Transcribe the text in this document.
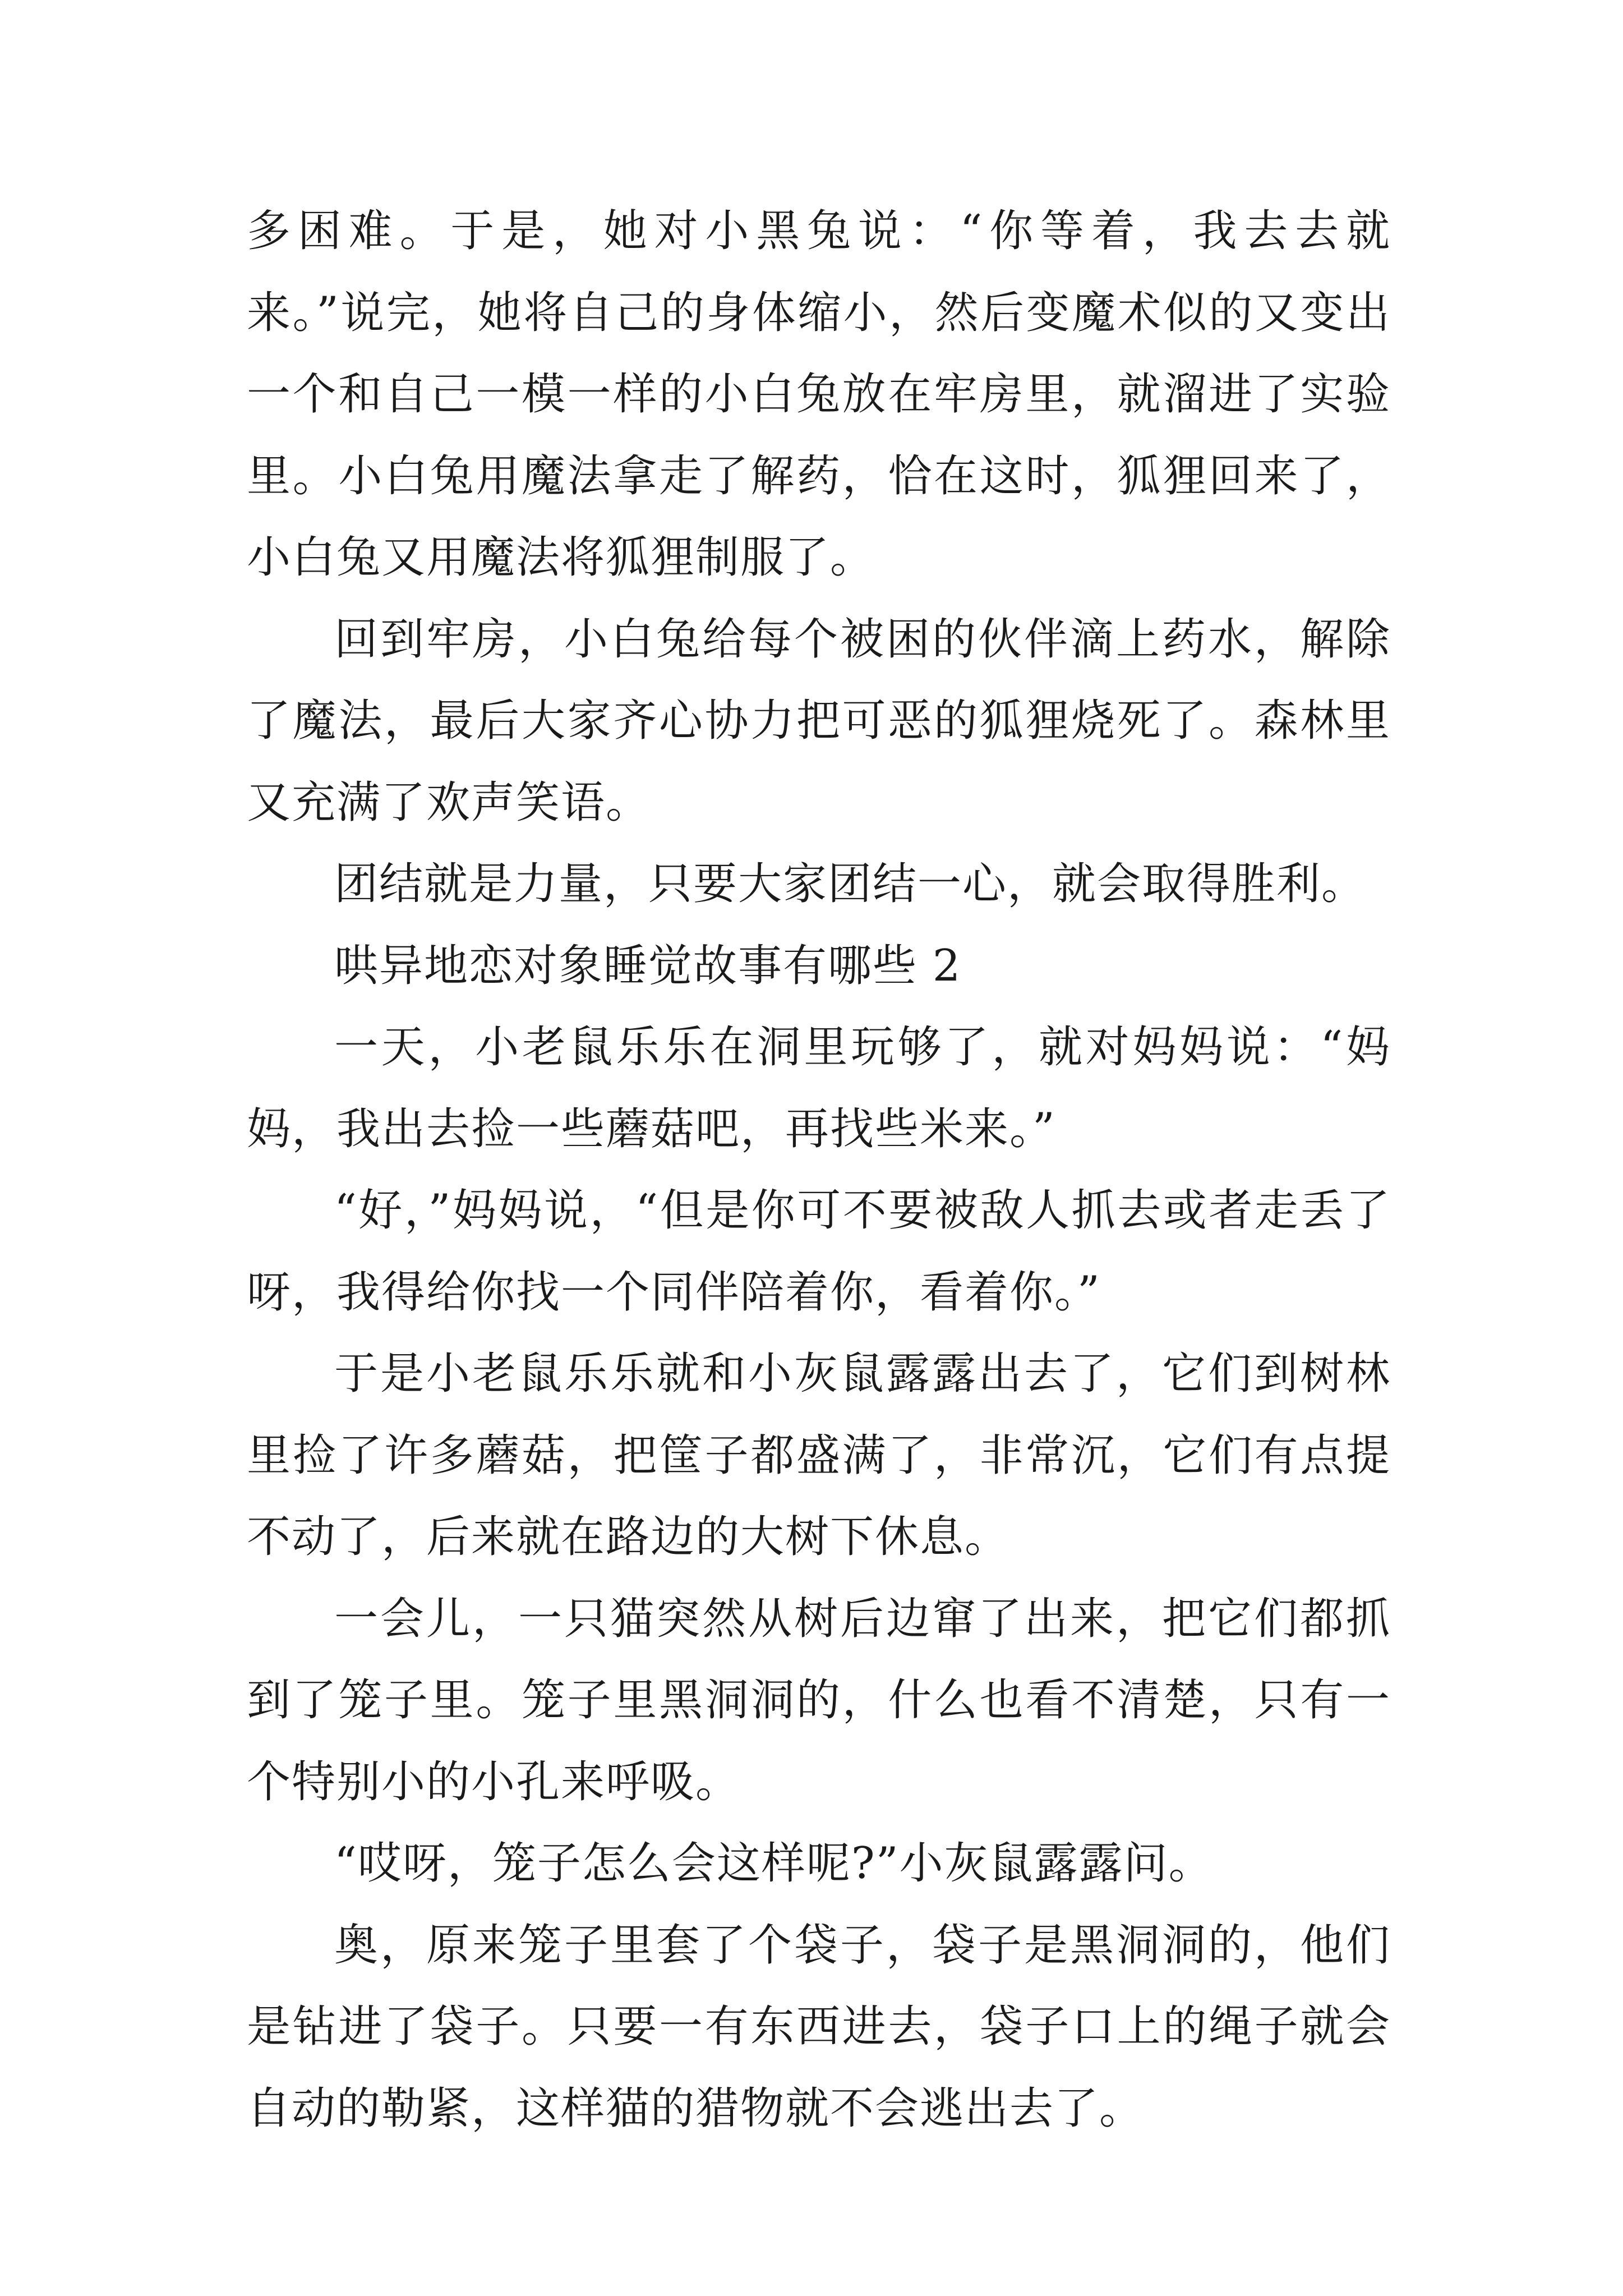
多困难。于是，她对小黑兔说：“你等着，我去去就来。”说完，她将自己的身体缩小，然后变魔术似的又变出一个和自己一模一样的小白兔放在牢房里，就溜进了实验里。小白兔用魔法拿走了解药，恰在这时，狐狸回来了，小白兔又用魔法将狐狸制服了。

回到牢房，小白兔给每个被困的伙伴滴上药水，解除了魔法，最后大家齐心协力把可恶的狐狸烧死了。森林里又充满了欢声笑语。

团结就是力量，只要大家团结一心，就会取得胜利。

哄异地恋对象睡觉故事有哪些 2

一天，小老鼠乐乐在洞里玩够了，就对妈妈说：“妈妈，我出去捡一些蘑菇吧，再找些米来。”

“好，”妈妈说，“但是你可不要被敌人抓去或者走丢了呀，我得给你找一个同伴陪着你，看着你。”

于是小老鼠乐乐就和小灰鼠露露出去了，它们到树林里捡了许多蘑菇，把筐子都盛满了，非常沉，它们有点提不动了，后来就在路边的大树下休息。

一会儿，一只猫突然从树后边窜了出来，把它们都抓到了笼子里。笼子里黑洞洞的，什么也看不清楚，只有一个特别小的小孔来呼吸。

“哎呀，笼子怎么会这样呢?”小灰鼠露露问。

奥，原来笼子里套了个袋子，袋子是黑洞洞的，他们是钻进了袋子。只要一有东西进去，袋子口上的绳子就会自动的勒紧，这样猫的猎物就不会逃出去了。
